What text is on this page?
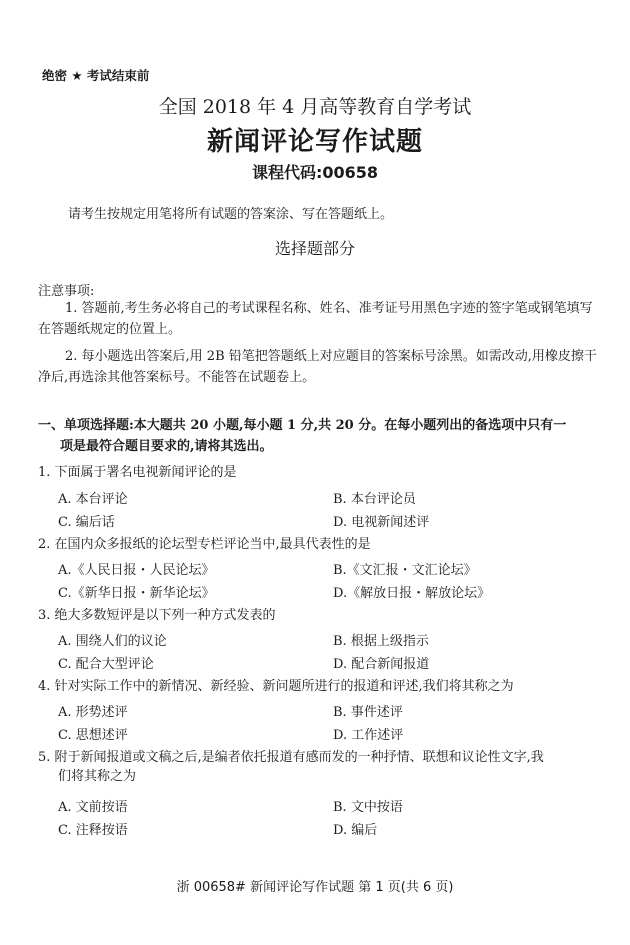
绝密 ★ 考试结束前
全国 2018 年 4 月高等教育自学考试
新闻评论写作试题
课程代码:00658
请考生按规定用笔将所有试题的答案涂、写在答题纸上。
选择题部分
注意事项:
1. 答题前,考生务必将自己的考试课程名称、姓名、准考证号用黑色字迹的签字笔或钢笔填写在答题纸规定的位置上。
2. 每小题选出答案后,用 2B 铅笔把答题纸上对应题目的答案标号涂黑。如需改动,用橡皮擦干净后,再选涂其他答案标号。不能答在试题卷上。
一、单项选择题:本大题共 20 小题,每小题 1 分,共 20 分。在每小题列出的备选项中只有一
项是最符合题目要求的,请将其选出。
1. 下面属于署名电视新闻评论的是
A. 本台评论	B. 本台评论员
C. 编后话	D. 电视新闻述评
2. 在国内众多报纸的论坛型专栏评论当中,最具代表性的是
A.《人民日报・人民论坛》	B.《文汇报・文汇论坛》
C.《新华日报・新华论坛》	D.《解放日报・解放论坛》
3. 绝大多数短评是以下列一种方式发表的
A. 围绕人们的议论	B. 根据上级指示
C. 配合大型评论	D. 配合新闻报道
4. 针对实际工作中的新情况、新经验、新问题所进行的报道和评述,我们将其称之为
A. 形势述评	B. 事件述评
C. 思想述评	D. 工作述评
5. 附于新闻报道或文稿之后,是编者依托报道有感而发的一种抒情、联想和议论性文字,我
们将其称之为
A. 文前按语	B. 文中按语
C. 注释按语	D. 编后
浙 00658# 新闻评论写作试题 第 1 页(共 6 页)
